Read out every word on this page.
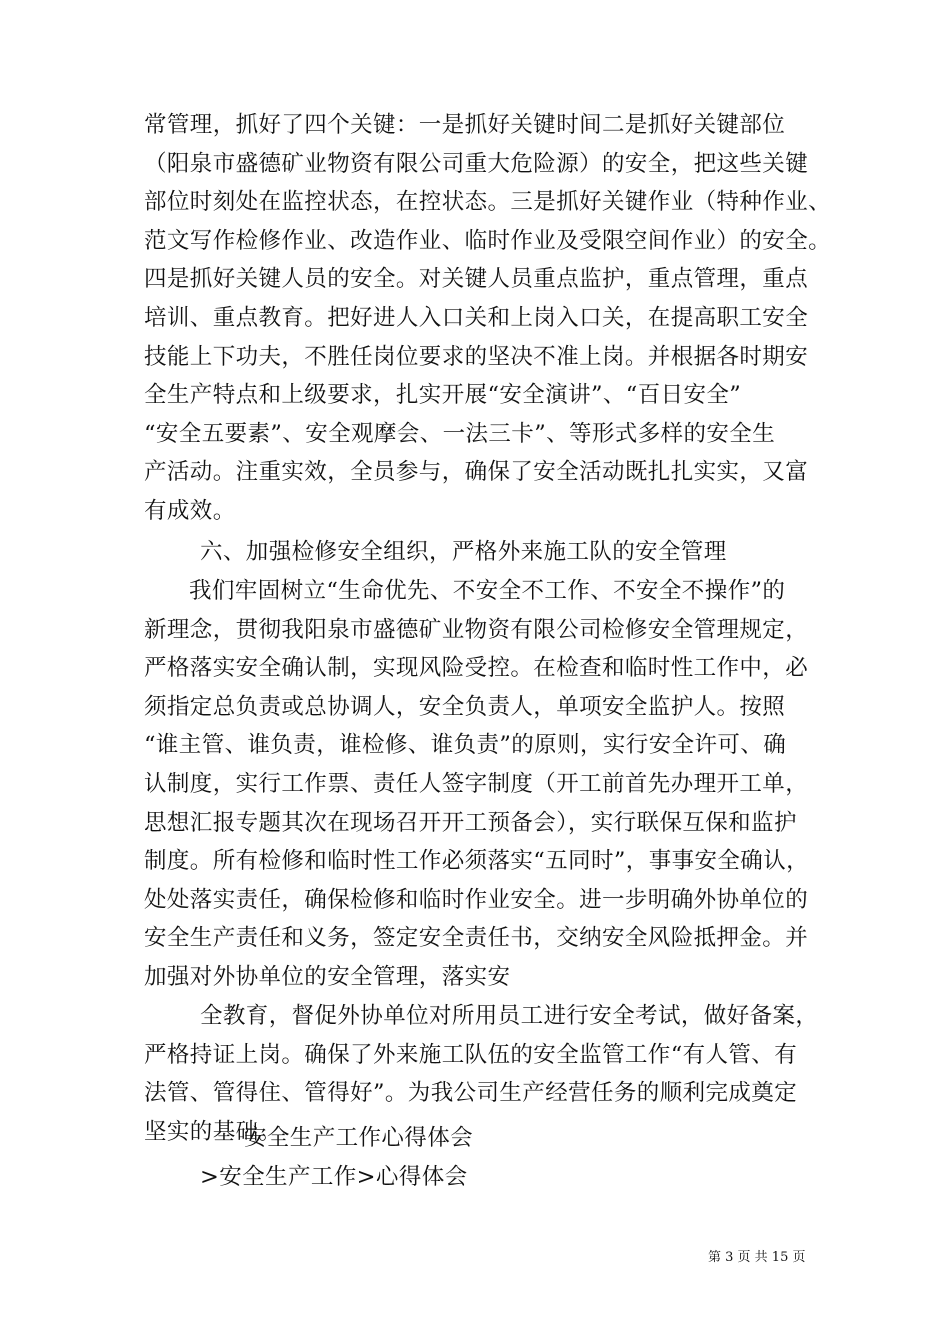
常管理，抓好了四个关键：一是抓好关键时间二是抓好关键部位
（阳泉市盛德矿业物资有限公司重大危险源）的安全，把这些关键
部位时刻处在监控状态，在控状态。三是抓好关键作业（特种作业、
范文写作检修作业、改造作业、临时作业及受限空间作业）的安全。
四是抓好关键人员的安全。对关键人员重点监护，重点管理，重点
培训、重点教育。把好进人入口关和上岗入口关，在提高职工安全
技能上下功夫，不胜任岗位要求的坚决不准上岗。并根据各时期安
全生产特点和上级要求，扎实开展“安全演讲”、“百日安全”
“安全五要素”、安全观摩会、一法三卡”、等形式多样的安全生
产活动。注重实效，全员参与，确保了安全活动既扎扎实实，又富
有成效。
六、加强检修安全组织，严格外来施工队的安全管理
我们牢固树立“生命优先、不安全不工作、不安全不操作”的
新理念，贯彻我阳泉市盛德矿业物资有限公司检修安全管理规定，
严格落实安全确认制，实现风险受控。在检查和临时性工作中，必
须指定总负责或总协调人，安全负责人，单项安全监护人。按照
“谁主管、谁负责，谁检修、谁负责”的原则，实行安全许可、确
认制度，实行工作票、责任人签字制度（开工前首先办理开工单，
思想汇报专题其次在现场召开开工预备会），实行联保互保和监护
制度。所有检修和临时性工作必须落实“五同时”，事事安全确认，
处处落实责任，确保检修和临时作业安全。进一步明确外协单位的
安全生产责任和义务，签定安全责任书，交纳安全风险抵押金。并
加强对外协单位的安全管理，落实安
全教育，督促外协单位对所用员工进行安全考试，做好备案，
严格持证上岗。确保了外来施工队伍的安全监管工作“有人管、有
法管、管得住、管得好”。为我公司生产经营任务的顺利完成奠定
坚实的基础。
安全生产工作心得体会
>安全生产工作>心得体会
第 3 页 共 15 页
